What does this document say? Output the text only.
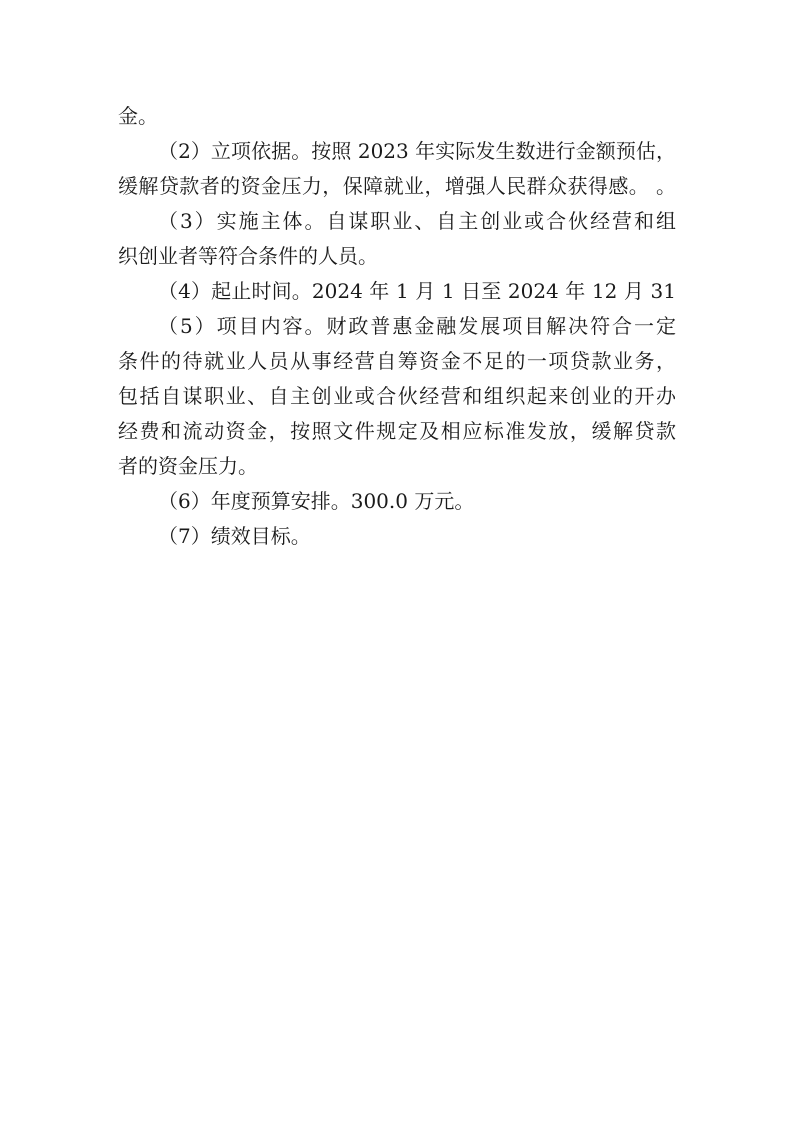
金。
（2）立项依据。按照 2023 年实际发生数进行金额预估，
缓解贷款者的资金压力，保障就业，增强人民群众获得感。 。
（3）实施主体。自谋职业、自主创业或合伙经营和组
织创业者等符合条件的人员。
（4）起止时间。2024 年 1 月 1 日至 2024 年 12 月 31
（5）项目内容。财政普惠金融发展项目解决符合一定
条件的待就业人员从事经营自筹资金不足的一项贷款业务，
包括自谋职业、自主创业或合伙经营和组织起来创业的开办
经费和流动资金，按照文件规定及相应标准发放，缓解贷款
者的资金压力。
（6）年度预算安排。300.0 万元。
（7）绩效目标。
